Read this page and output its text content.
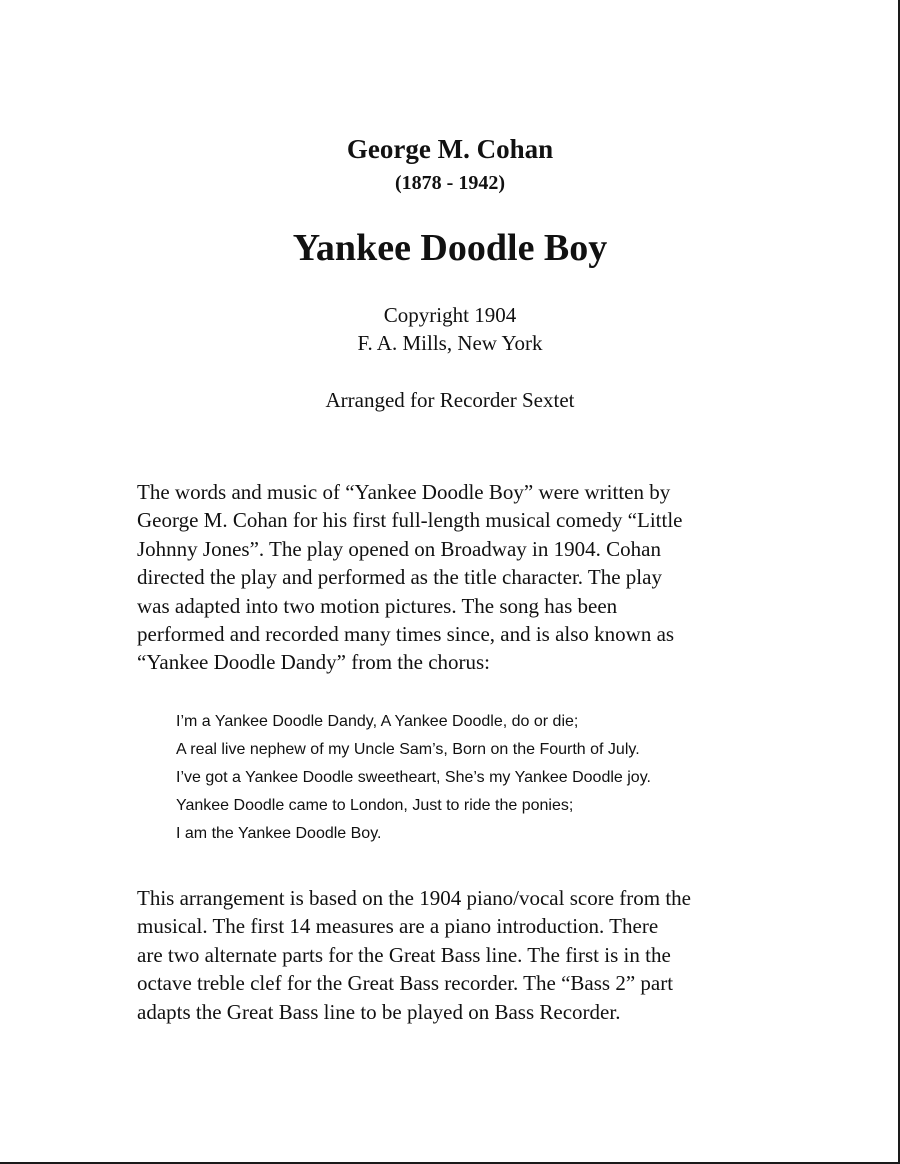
George M. Cohan
(1878 - 1942)
Yankee Doodle Boy
Copyright 1904
F. A. Mills, New York
Arranged for Recorder Sextet
The words and music of “Yankee Doodle Boy” were written by
George M. Cohan for his first full-length musical comedy “Little
Johnny Jones”. The play opened on Broadway in 1904. Cohan
directed the play and performed as the title character. The play
was adapted into two motion pictures. The song has been
performed and recorded many times since, and is also known as
“Yankee Doodle Dandy” from the chorus:
I’m a Yankee Doodle Dandy, A Yankee Doodle, do or die;
A real live nephew of my Uncle Sam’s, Born on the Fourth of July.
I’ve got a Yankee Doodle sweetheart, She’s my Yankee Doodle joy.
Yankee Doodle came to London, Just to ride the ponies;
I am the Yankee Doodle Boy.
This arrangement is based on the 1904 piano/vocal score from the
musical. The first 14 measures are a piano introduction. There
are two alternate parts for the Great Bass line. The first is in the
octave treble clef for the Great Bass recorder. The “Bass 2” part
adapts the Great Bass line to be played on Bass Recorder.
